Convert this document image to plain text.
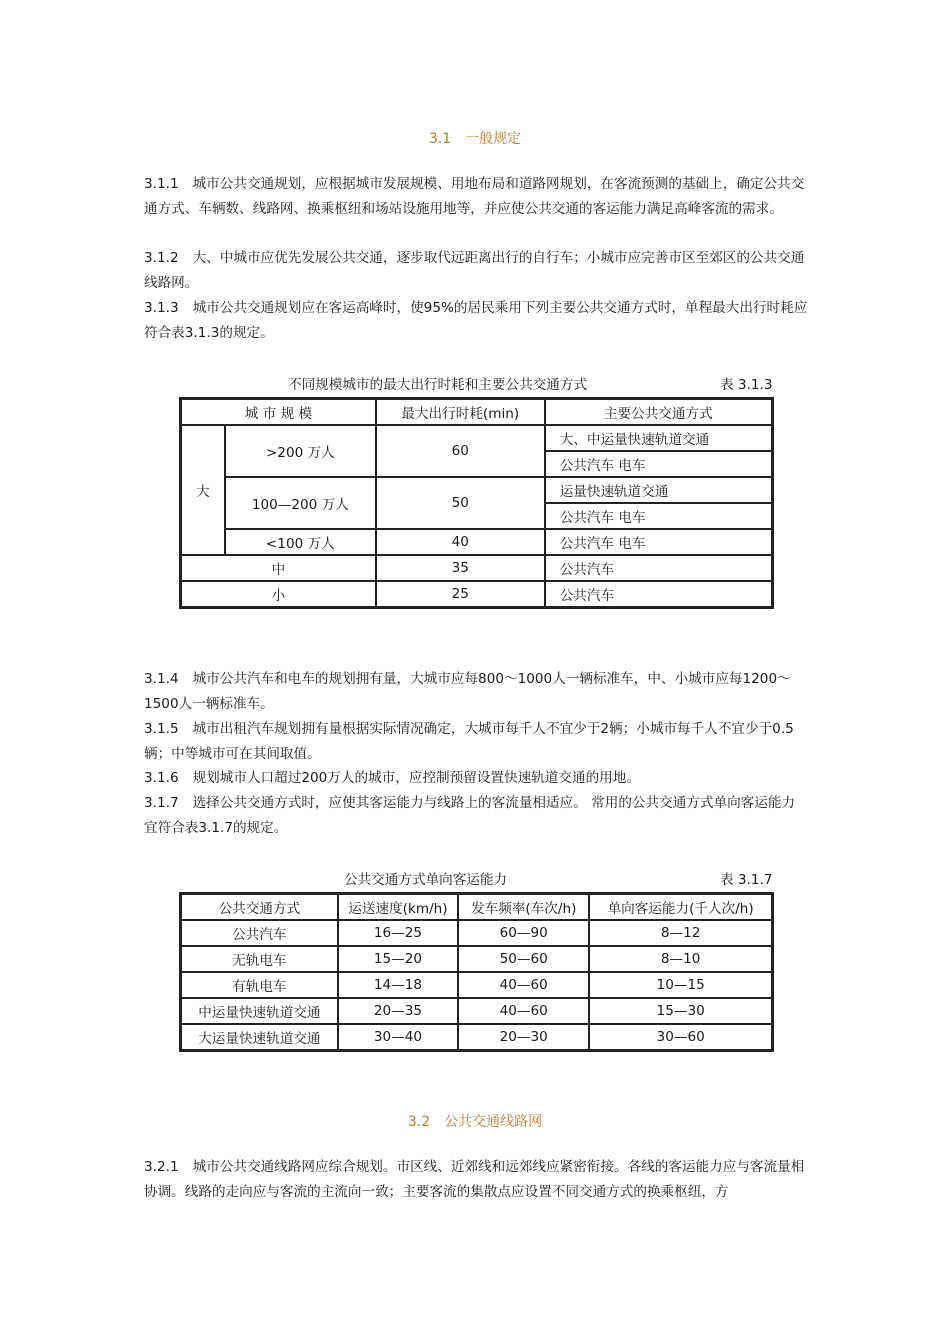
3.1 一般规定
3.1.1 城市公共交通规划，应根据城市发展规模、用地布局和道路网规划，在客流预测的基础上，确定公共交通方式、车辆数、线路网、换乘枢纽和场站设施用地等，并应使公共交通的客运能力满足高峰客流的需求。
3.1.2 大、中城市应优先发展公共交通，逐步取代远距离出行的自行车；小城市应完善市区至郊区的公共交通线路网。
3.1.3 城市公共交通规划应在客运高峰时，使95%的居民乘用下列主要公共交通方式时，单程最大出行时耗应符合表3.1.3的规定。
不同规模城市的最大出行时耗和主要公共交通方式	表 3.1.3
城 市 规 模		最大出行时耗(min)	主要公共交通方式
大	>200 万人	60	大、中运量快速轨道交通
			公共汽车 电车
	100—200 万人	50	运量快速轨道交通
			公共汽车 电车
	<100 万人	40	公共汽车 电车
中		35	公共汽车
小		25	公共汽车
3.1.4 城市公共汽车和电车的规划拥有量，大城市应每800～1000人一辆标准车，中、小城市应每1200～1500人一辆标准车。
3.1.5 城市出租汽车规划拥有量根据实际情况确定，大城市每千人不宜少于2辆；小城市每千人不宜少于0.5辆；中等城市可在其间取值。
3.1.6 规划城市人口超过200万人的城市，应控制预留设置快速轨道交通的用地。
3.1.7 选择公共交通方式时，应使其客运能力与线路上的客流量相适应。 常用的公共交通方式单向客运能力宜符合表3.1.7的规定。
公共交通方式单向客运能力	表 3.1.7
公共交通方式	运送速度(km/h)	发车频率(车次/h)	单向客运能力(千人次/h)
公共汽车	16—25	60—90	8—12
无轨电车	15—20	50—60	8—10
有轨电车	14—18	40—60	10—15
中运量快速轨道交通	20—35	40—60	15—30
大运量快速轨道交通	30—40	20—30	30—60
3.2 公共交通线路网
3.2.1 城市公共交通线路网应综合规划。市区线、近郊线和远郊线应紧密衔接。各线的客运能力应与客流量相协调。线路的走向应与客流的主流向一致；主要客流的集散点应设置不同交通方式的换乘枢纽，方
